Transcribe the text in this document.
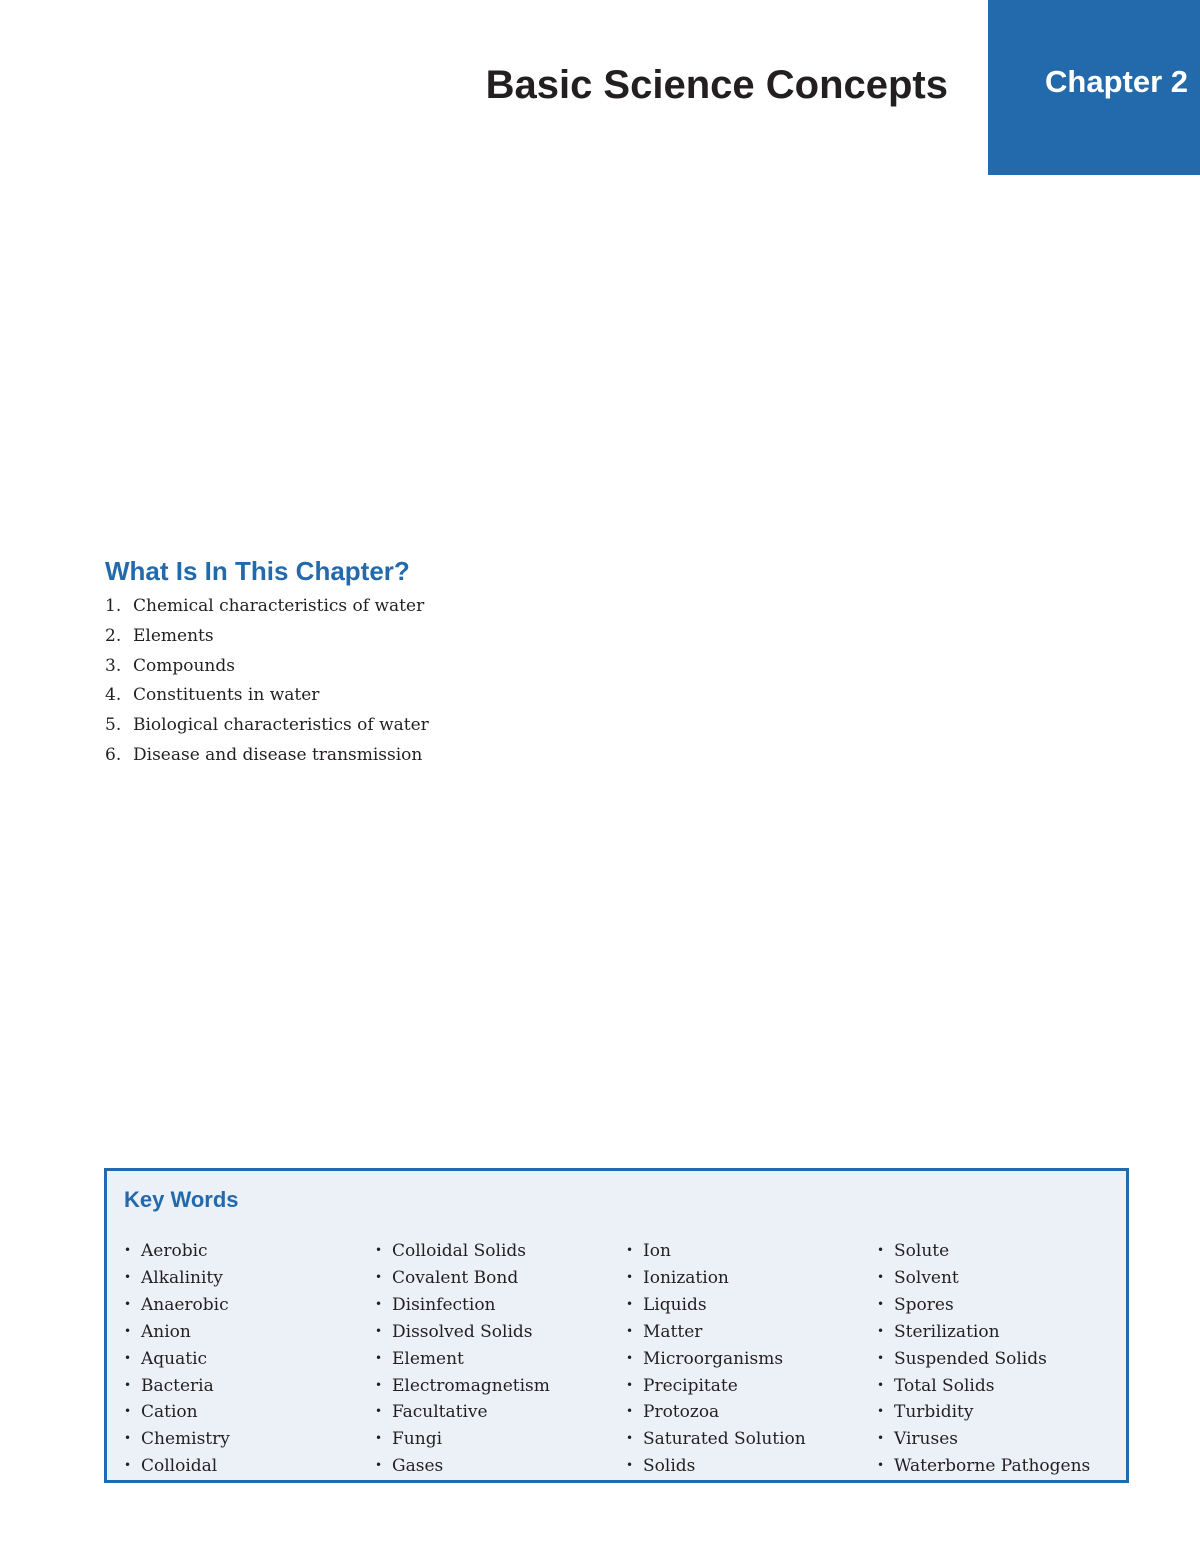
Basic Science Concepts	Chapter 2
What Is In This Chapter?
1. Chemical characteristics of water
2. Elements
3. Compounds
4. Constituents in water
5. Biological characteristics of water
6. Disease and disease transmission
Key Words
• Aerobic
• Alkalinity
• Anaerobic
• Anion
• Aquatic
• Bacteria
• Cation
• Chemistry
• Colloidal
• Colloidal Solids
• Covalent Bond
• Disinfection
• Dissolved Solids
• Element
• Electromagnetism
• Facultative
• Fungi
• Gases
• Ion
• Ionization
• Liquids
• Matter
• Microorganisms
• Precipitate
• Protozoa
• Saturated Solution
• Solids
• Solute
• Solvent
• Spores
• Sterilization
• Suspended Solids
• Total Solids
• Turbidity
• Viruses
• Waterborne Pathogens
